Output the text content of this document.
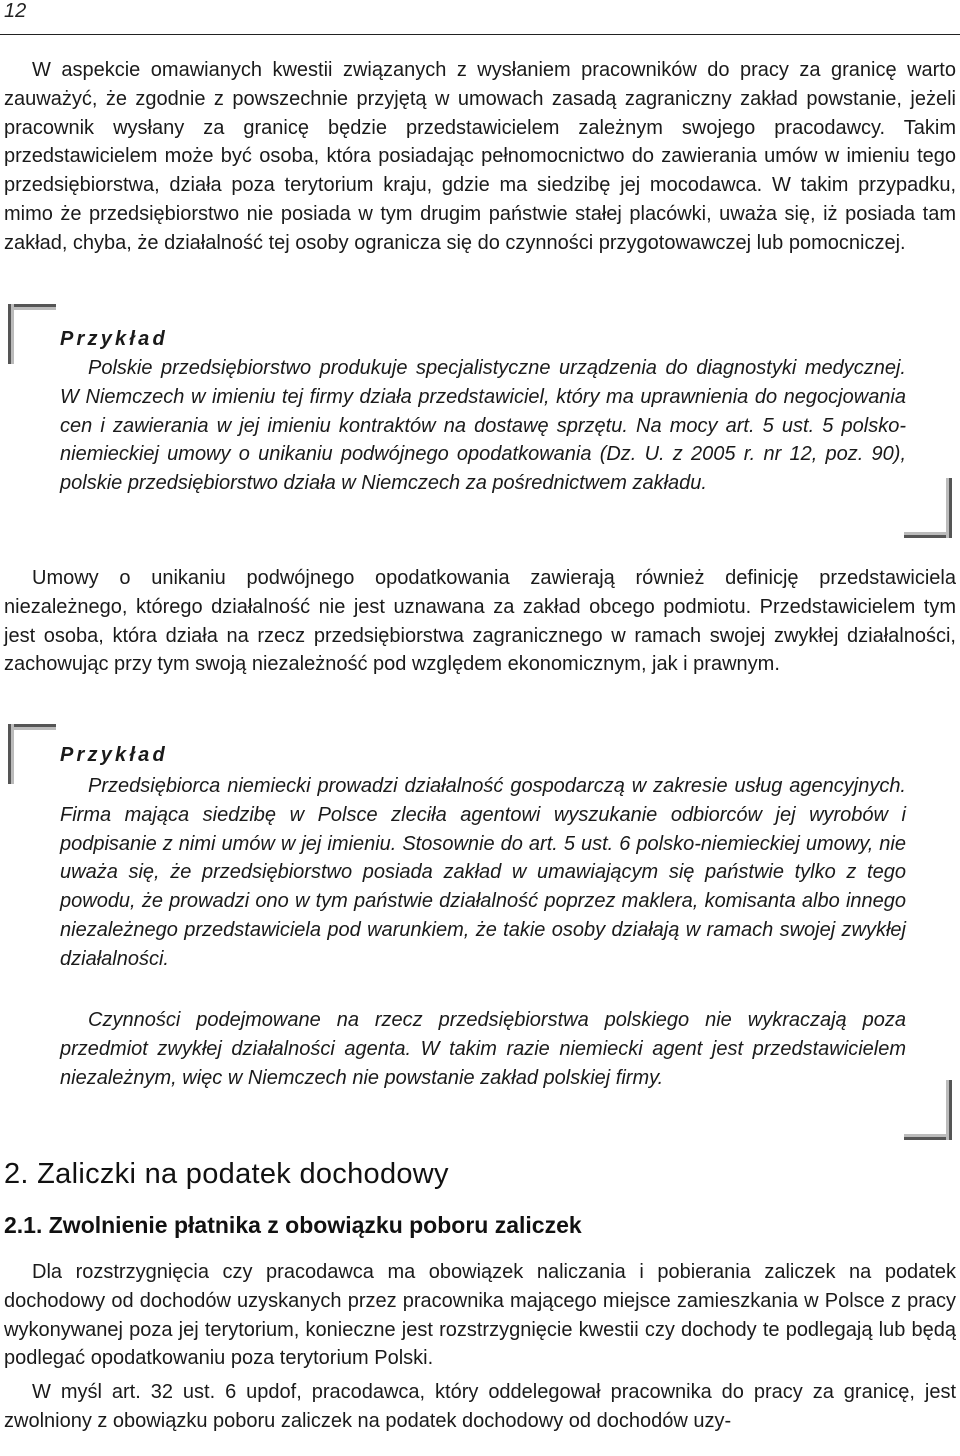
12

W aspekcie omawianych kwestii związanych z wysłaniem pracowników do pracy za granicę warto zauważyć, że zgodnie z powszechnie przyjętą w umowach zasadą zagraniczny zakład powstanie, jeżeli pracownik wysłany za granicę będzie przedstawicielem zależnym swojego pracodawcy. Takim przedstawicielem może być osoba, która posiadając pełnomocnictwo do zawierania umów w imieniu tego przedsiębiorstwa, działa poza terytorium kraju, gdzie ma siedzibę jej mocodawca. W takim przypadku, mimo że przedsiębiorstwo nie posiada w tym drugim państwie stałej placówki, uważa się, iż posiada tam zakład, chyba, że działalność tej osoby ogranicza się do czynności przygotowawczej lub pomocniczej.

Przykład

Polskie przedsiębiorstwo produkuje specjalistyczne urządzenia do diagnostyki medycznej. W Niemczech w imieniu tej firmy działa przedstawiciel, który ma uprawnienia do negocjowania cen i zawierania w jej imieniu kontraktów na dostawę sprzętu. Na mocy art. 5 ust. 5 polsko-niemieckiej umowy o unikaniu podwójnego opodatkowania (Dz. U. z 2005 r. nr 12, poz. 90), polskie przedsiębiorstwo działa w Niemczech za pośrednictwem zakładu.

Umowy o unikaniu podwójnego opodatkowania zawierają również definicję przedstawiciela niezależnego, którego działalność nie jest uznawana za zakład obcego podmiotu. Przedstawicielem tym jest osoba, która działa na rzecz przedsiębiorstwa zagranicznego w ramach swojej zwykłej działalności, zachowując przy tym swoją niezależność pod względem ekonomicznym, jak i prawnym.

Przykład

Przedsiębiorca niemiecki prowadzi działalność gospodarczą w zakresie usług agencyjnych. Firma mająca siedzibę w Polsce zleciła agentowi wyszukanie odbiorców jej wyrobów i podpisanie z nimi umów w jej imieniu. Stosownie do art. 5 ust. 6 polsko-niemieckiej umowy, nie uważa się, że przedsiębiorstwo posiada zakład w umawiającym się państwie tylko z tego powodu, że prowadzi ono w tym państwie działalność poprzez maklera, komisanta albo innego niezależnego przedstawiciela pod warunkiem, że takie osoby działają w ramach swojej zwykłej działalności.

Czynności podejmowane na rzecz przedsiębiorstwa polskiego nie wykraczają poza przedmiot zwykłej działalności agenta. W takim razie niemiecki agent jest przedstawicielem niezależnym, więc w Niemczech nie powstanie zakład polskiej firmy.

2. Zaliczki na podatek dochodowy
2.1. Zwolnienie płatnika z obowiązku poboru zaliczek

Dla rozstrzygnięcia czy pracodawca ma obowiązek naliczania i pobierania zaliczek na podatek dochodowy od dochodów uzyskanych przez pracownika mającego miejsce zamieszkania w Polsce z pracy wykonywanej poza jej terytorium, konieczne jest rozstrzygnięcie kwestii czy dochody te podlegają lub będą podlegać opodatkowaniu poza terytorium Polski.

W myśl art. 32 ust. 6 updof, pracodawca, który oddelegował pracownika do pracy za granicę, jest zwolniony z obowiązku poboru zaliczek na podatek dochodowy od dochodów uzy-
